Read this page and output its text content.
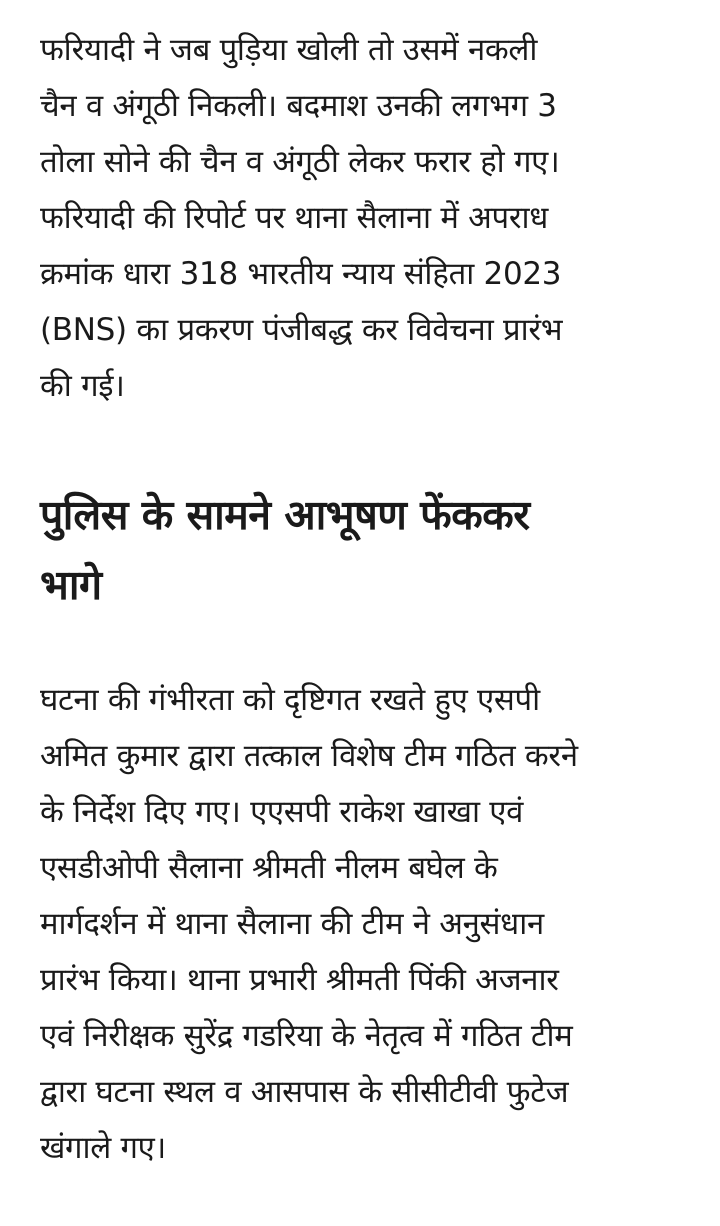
फरियादी ने जब पुड़िया खोली तो उसमें नकली
चैन व अंगूठी निकली। बदमाश उनकी लगभग 3
तोला सोने की चैन व अंगूठी लेकर फरार हो गए।
फरियादी की रिपोर्ट पर थाना सैलाना में अपराध
क्रमांक धारा 318 भारतीय न्याय संहिता 2023
(BNS) का प्रकरण पंजीबद्ध कर विवेचना प्रारंभ
की गई।

पुलिस के सामने आभूषण फेंककर
भागे

घटना की गंभीरता को दृष्टिगत रखते हुए एसपी
अमित कुमार द्वारा तत्काल विशेष टीम गठित करने
के निर्देश दिए गए। एएसपी राकेश खाखा एवं
एसडीओपी सैलाना श्रीमती नीलम बघेल के
मार्गदर्शन में थाना सैलाना की टीम ने अनुसंधान
प्रारंभ किया। थाना प्रभारी श्रीमती पिंकी अजनार
एवं निरीक्षक सुरेंद्र गडरिया के नेतृत्व में गठित टीम
द्वारा घटना स्थल व आसपास के सीसीटीवी फुटेज
खंगाले गए।
